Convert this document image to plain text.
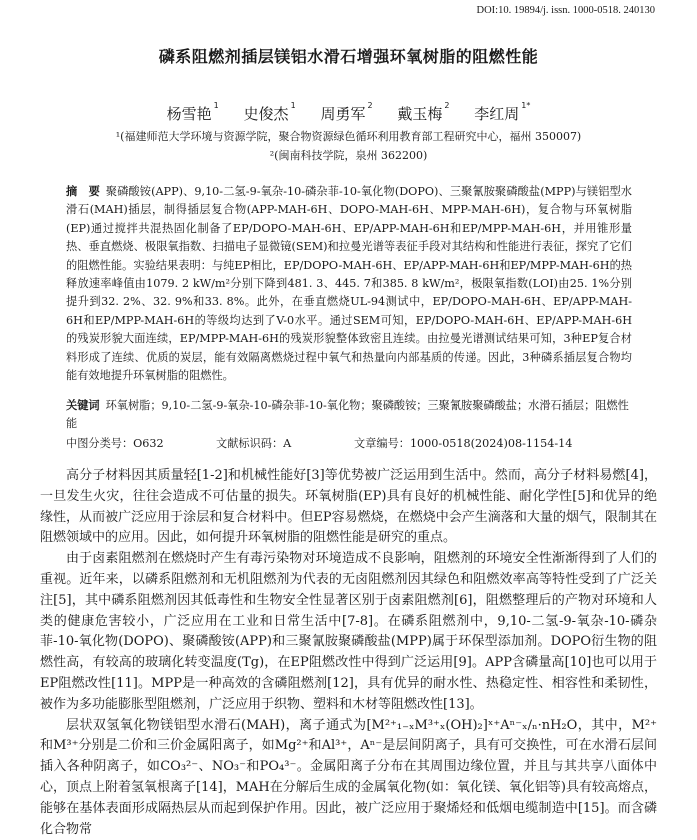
DOI:10. 19894/j. issn. 1000-0518. 240130
磷系阻燃剂插层镁铝水滑石增强环氧树脂的阻燃性能
杨雪艳 $^1$ 史俊杰 $^1$ 周勇军 $^2$ 戴玉梅 $^2$ 李红周 $^{1*}$
¹(福建师范大学环境与资源学院，聚合物资源绿色循环利用教育部工程研究中心，福州 350007)
²(闽南科技学院，泉州 362200)
摘　要 聚磷酸铵(APP)、9,10-二氢-9-氧杂-10-磷杂菲-10-氧化物(DOPO)、三聚氰胺聚磷酸盐(MPP)与镁铝型水滑石(MAH)插层，制得插层复合物(APP-MAH-6H、DOPO-MAH-6H、MPP-MAH-6H)，复合物与环氧树脂(EP)通过搅拌共混热固化制备了EP/DOPO-MAH-6H、EP/APP-MAH-6H和EP/MPP-MAH-6H，并用锥形量热、垂直燃烧、极限氧指数、扫描电子显微镜(SEM)和拉曼光谱等表征手段对其结构和性能进行表征，探究了它们的阻燃性能。实验结果表明：与纯EP相比，EP/DOPO-MAH-6H、EP/APP-MAH-6H和EP/MPP-MAH-6H的热释放速率峰值由1079. 2 kW/m²分别下降到481. 3、445. 7和385. 8 kW/m²，极限氧指数(LOI)由25. 1%分别提升到32. 2%、32. 9%和33. 8%。此外，在垂直燃烧UL-94测试中，EP/DOPO-MAH-6H、EP/APP-MAH-6H和EP/MPP-MAH-6H的等级均达到了V-0水平。通过SEM可知，EP/DOPO-MAH-6H、EP/APP-MAH-6H的残炭形貌大面连续，EP/MPP-MAH-6H的残炭形貌整体致密且连续。由拉曼光谱测试结果可知，3种EP复合材料形成了连续、优质的炭层，能有效隔离燃烧过程中氧气和热量向内部基质的传递。因此，3种磷系插层复合物均能有效地提升环氧树脂的阻燃性。
关键词 环氧树脂；9,10-二氢-9-氧杂-10-磷杂菲-10-氧化物；聚磷酸铵；三聚氰胺聚磷酸盐；水滑石插层；阻燃性能
中图分类号：O632	文献标识码：A	文章编号：1000-0518(2024)08-1154-14

高分子材料因其质量轻[1-2]和机械性能好[3]等优势被广泛运用到生活中。然而，高分子材料易燃[4]，一旦发生火灾，往往会造成不可估量的损失。环氧树脂(EP)具有良好的机械性能、耐化学性[5]和优异的绝缘性，从而被广泛应用于涂层和复合材料中。但EP容易燃烧，在燃烧中会产生滴落和大量的烟气，限制其在阻燃领域中的应用。因此，如何提升环氧树脂的阻燃性能是研究的重点。

由于卤素阻燃剂在燃烧时产生有毒污染物对环境造成不良影响，阻燃剂的环境安全性渐渐得到了人们的重视。近年来，以磷系阻燃剂和无机阻燃剂为代表的无卤阻燃剂因其绿色和阻燃效率高等特性受到了广泛关注[5]，其中磷系阻燃剂因其低毒性和生物安全性显著区别于卤素阻燃剂[6]，阻燃整理后的产物对环境和人类的健康危害较小，广泛应用在工业和日常生活中[7-8]。在磷系阻燃剂中，9,10-二氢-9-氧杂-10-磷杂菲-10-氧化物(DOPO)、聚磷酸铵(APP)和三聚氰胺聚磷酸盐(MPP)属于环保型添加剂。DOPO衍生物的阻燃性高，有较高的玻璃化转变温度(Tg)，在EP阻燃改性中得到广泛运用[9]。APP含磷量高[10]也可以用于EP阻燃改性[11]。MPP是一种高效的含磷阻燃剂[12]，具有优异的耐水性、热稳定性、相容性和柔韧性，被作为多功能膨胀型阻燃剂，广泛应用于织物、塑料和木材等阻燃改性[13]。

层状双氢氧化物镁铝型水滑石(MAH)，离子通式为[M²⁺₁₋ₓM³⁺ₓ(OH)₂]ˣ⁺Aⁿ⁻ₓ/ₙ·nH₂O，其中，M²⁺和M³⁺分别是二价和三价金属阳离子，如Mg²⁺和Al³⁺，Aⁿ⁻是层间阴离子，具有可交换性，可在水滑石层间插入各种阴离子，如CO₃²⁻、NO₃⁻和PO₄³⁻。金属阳离子分布在其周围边缘位置，并且与其共享八面体中心，顶点上附着氢氧根离子[14]，MAH在分解后生成的金属氧化物(如：氧化镁、氧化铝等)具有较高熔点，能够在基体表面形成隔热层从而起到保护作用。因此，被广泛应用于聚烯烃和低烟电缆制造中[15]。而含磷化合物常
